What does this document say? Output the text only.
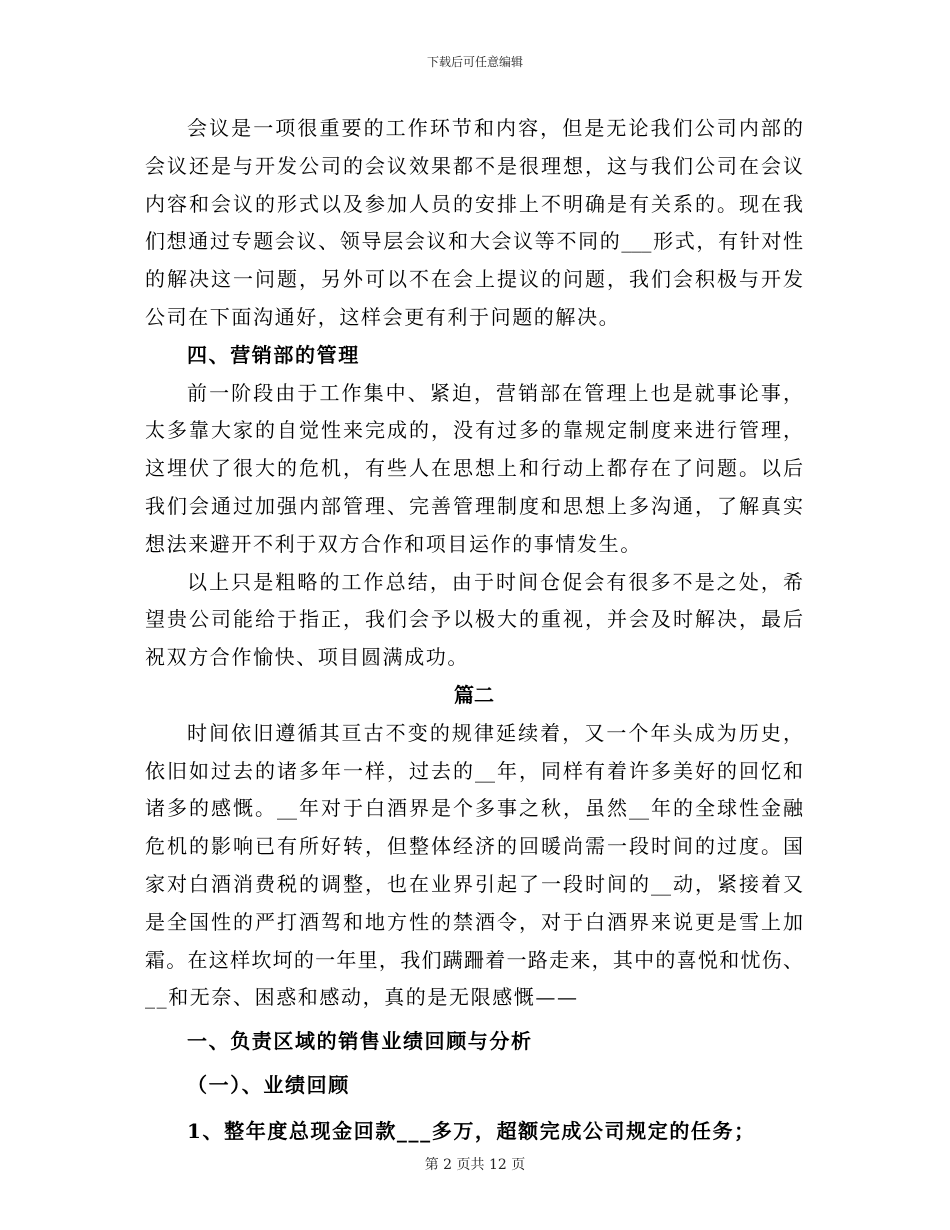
下载后可任意编辑
会议是一项很重要的工作环节和内容，但是无论我们公司内部的
会议还是与开发公司的会议效果都不是很理想，这与我们公司在会议
内容和会议的形式以及参加人员的安排上不明确是有关系的。现在我
们想通过专题会议、领导层会议和大会议等不同的___形式，有针对性
的解决这一问题，另外可以不在会上提议的问题，我们会积极与开发
公司在下面沟通好，这样会更有利于问题的解决。
四、营销部的管理
前一阶段由于工作集中、紧迫，营销部在管理上也是就事论事，
太多靠大家的自觉性来完成的，没有过多的靠规定制度来进行管理，
这埋伏了很大的危机，有些人在思想上和行动上都存在了问题。以后
我们会通过加强内部管理、完善管理制度和思想上多沟通，了解真实
想法来避开不利于双方合作和项目运作的事情发生。
以上只是粗略的工作总结，由于时间仓促会有很多不是之处，希
望贵公司能给于指正，我们会予以极大的重视，并会及时解决，最后
祝双方合作愉快、项目圆满成功。
篇二
时间依旧遵循其亘古不变的规律延续着，又一个年头成为历史，
依旧如过去的诸多年一样，过去的__年，同样有着许多美好的回忆和
诸多的感慨。__年对于白酒界是个多事之秋，虽然__年的全球性金融
危机的影响已有所好转，但整体经济的回暖尚需一段时间的过度。国
家对白酒消费税的调整，也在业界引起了一段时间的__动，紧接着又
是全国性的严打酒驾和地方性的禁酒令，对于白酒界来说更是雪上加
霜。在这样坎坷的一年里，我们蹒跚着一路走来，其中的喜悦和忧伤、
__和无奈、困惑和感动，真的是无限感慨——
一、负责区域的销售业绩回顾与分析
（一）、业绩回顾
1、整年度总现金回款___多万，超额完成公司规定的任务；
第 2 页共 12 页
